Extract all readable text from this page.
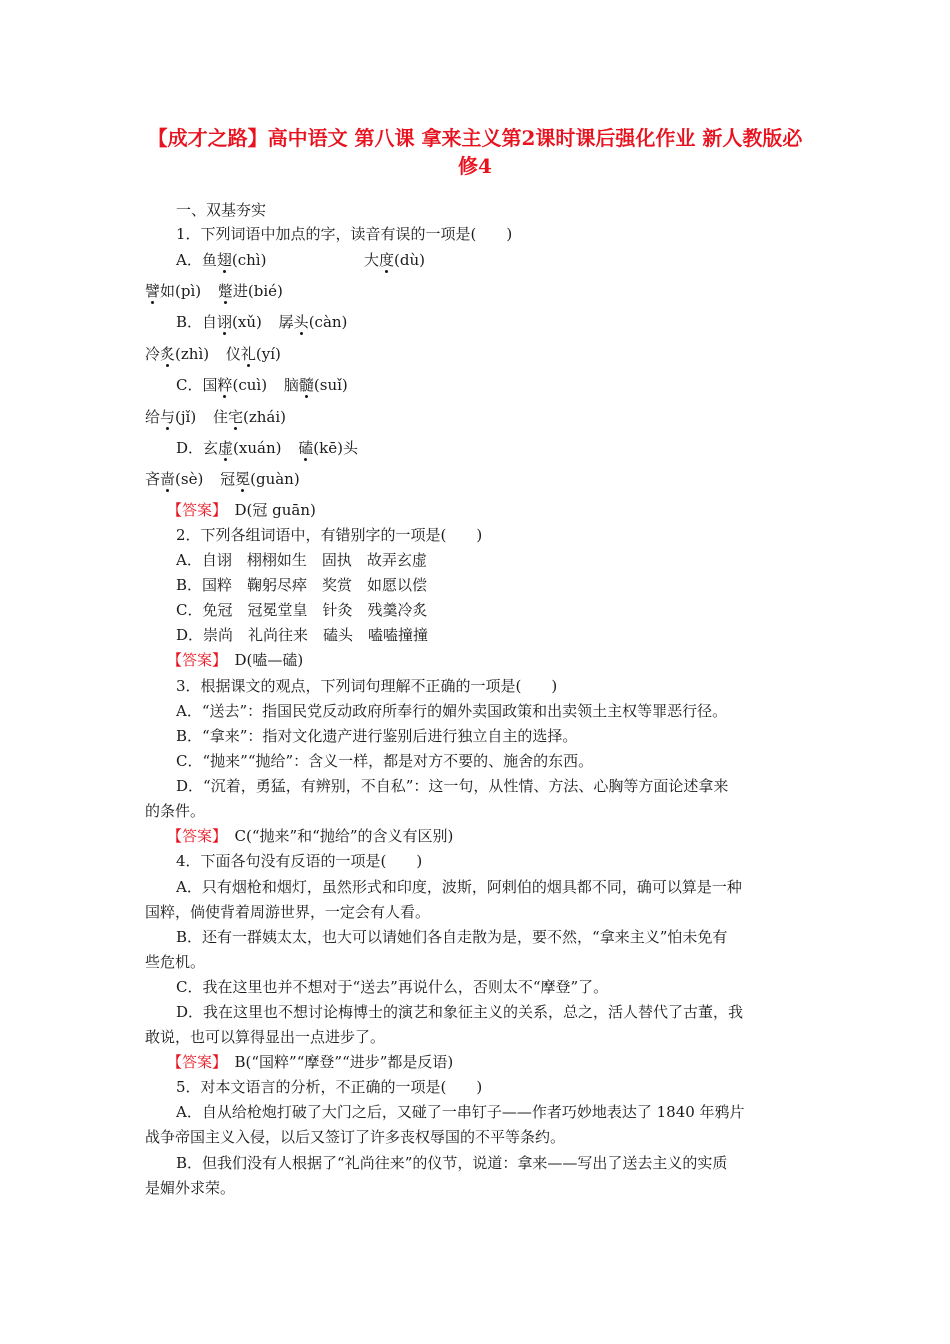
【成才之路】高中语文 第八课 拿来主义第2课时课后强化作业 新人教版必修4
一、双基夯实
1．下列词语中加点的字，读音有误的一项是(　　)
A．鱼翅(chì)	大度(dù)
譬如(pì) 蹩进(bié)
B．自诩(xǔ) 孱头(càn)
冷炙(zhì) 仪礼(yí)
C．国粹(cuì) 脑髓(suǐ)
给与(jǐ) 住宅(zhái)
D．玄虚(xuán) 磕(kē)头
吝啬(sè) 冠冕(guàn)
【答案】　D(冠 guān)
2．下列各组词语中，有错别字的一项是(　　)
A．自诩　栩栩如生　固执　故弄玄虚
B．国粹　鞠躬尽瘁　奖赏　如愿以偿
C．免冠　冠冕堂皇　针灸　残羹冷炙
D．崇尚　礼尚往来　磕头　嗑嗑撞撞
【答案】　D(嗑—磕)
3．根据课文的观点，下列词句理解不正确的一项是(　　)
A．“送去”：指国民党反动政府所奉行的媚外卖国政策和出卖领土主权等罪恶行径。
B．“拿来”：指对文化遗产进行鉴别后进行独立自主的选择。
C．“抛来”“抛给”：含义一样，都是对方不要的、施舍的东西。
D．“沉着，勇猛，有辨别，不自私”：这一句，从性情、方法、心胸等方面论述拿来
的条件。
【答案】　C(“抛来”和“抛给”的含义有区别)
4．下面各句没有反语的一项是(　　)
A．只有烟枪和烟灯，虽然形式和印度，波斯，阿剌伯的烟具都不同，确可以算是一种
国粹，倘使背着周游世界，一定会有人看。
B．还有一群姨太太，也大可以请她们各自走散为是，要不然，“拿来主义”怕未免有
些危机。
C．我在这里也并不想对于“送去”再说什么，否则太不“摩登”了。
D．我在这里也不想讨论梅博士的演艺和象征主义的关系，总之，活人替代了古董，我
敢说，也可以算得显出一点进步了。
【答案】　B(“国粹”“摩登”“进步”都是反语)
5．对本文语言的分析，不正确的一项是(　　)
A．自从给枪炮打破了大门之后，又碰了一串钉子——作者巧妙地表达了 1840 年鸦片
战争帝国主义入侵，以后又签订了许多丧权辱国的不平等条约。
B．但我们没有人根据了“礼尚往来”的仪节，说道：拿来——写出了送去主义的实质
是媚外求荣。
